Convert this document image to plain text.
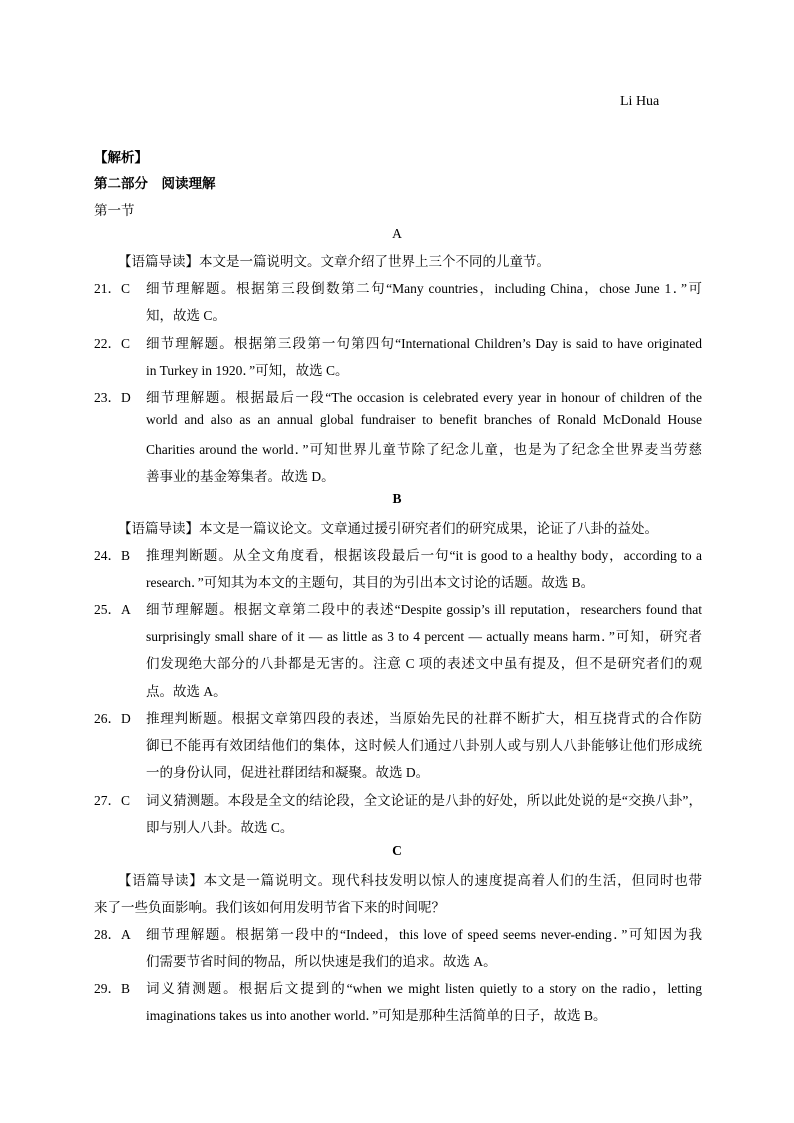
Li Hua
【解析】
第二部分　阅读理解
第一节
A
【语篇导读】本文是一篇说明文。文章介绍了世界上三个不同的儿童节。
21．C 细节理解题。根据第三段倒数第二句“Many countries，including China，chose June 1．”可
知，故选 C。
22．C 细节理解题。根据第三段第一句第四句“International Children’s Day is said to have originated
in Turkey in 1920．”可知，故选 C。
23．D 细节理解题。根据最后一段“The occasion is celebrated every year in honour of children of the
world and also as an annual global fundraiser to benefit branches of Ronald McDonald House
Charities around the world．”可知世界儿童节除了纪念儿童，也是为了纪念全世界麦当劳慈
善事业的基金筹集者。故选 D。
B
【语篇导读】本文是一篇议论文。文章通过援引研究者们的研究成果，论证了八卦的益处。
24．B 推理判断题。从全文角度看，根据该段最后一句“it is good to a healthy body，according to a
research．”可知其为本文的主题句，其目的为引出本文讨论的话题。故选 B。
25．A 细节理解题。根据文章第二段中的表述“Despite gossip’s ill reputation，researchers found that
surprisingly small share of it — as little as 3 to 4 percent — actually means harm．”可知，研究者
们发现绝大部分的八卦都是无害的。注意 C 项的表述文中虽有提及，但不是研究者们的观
点。故选 A。
26．D 推理判断题。根据文章第四段的表述，当原始先民的社群不断扩大，相互挠背式的合作防
御已不能再有效团结他们的集体，这时候人们通过八卦别人或与别人八卦能够让他们形成统
一的身份认同，促进社群团结和凝聚。故选 D。
27．C 词义猜测题。本段是全文的结论段，全文论证的是八卦的好处，所以此处说的是“交换八卦”，
即与别人八卦。故选 C。
C
【语篇导读】本文是一篇说明文。现代科技发明以惊人的速度提高着人们的生活，但同时也带
来了一些负面影响。我们该如何用发明节省下来的时间呢？
28．A 细节理解题。根据第一段中的“Indeed，this love of speed seems never-ending．”可知因为我
们需要节省时间的物品，所以快速是我们的追求。故选 A。
29．B 词义猜测题。根据后文提到的“when we might listen quietly to a story on the radio，letting
imaginations takes us into another world．”可知是那种生活简单的日子，故选 B。
